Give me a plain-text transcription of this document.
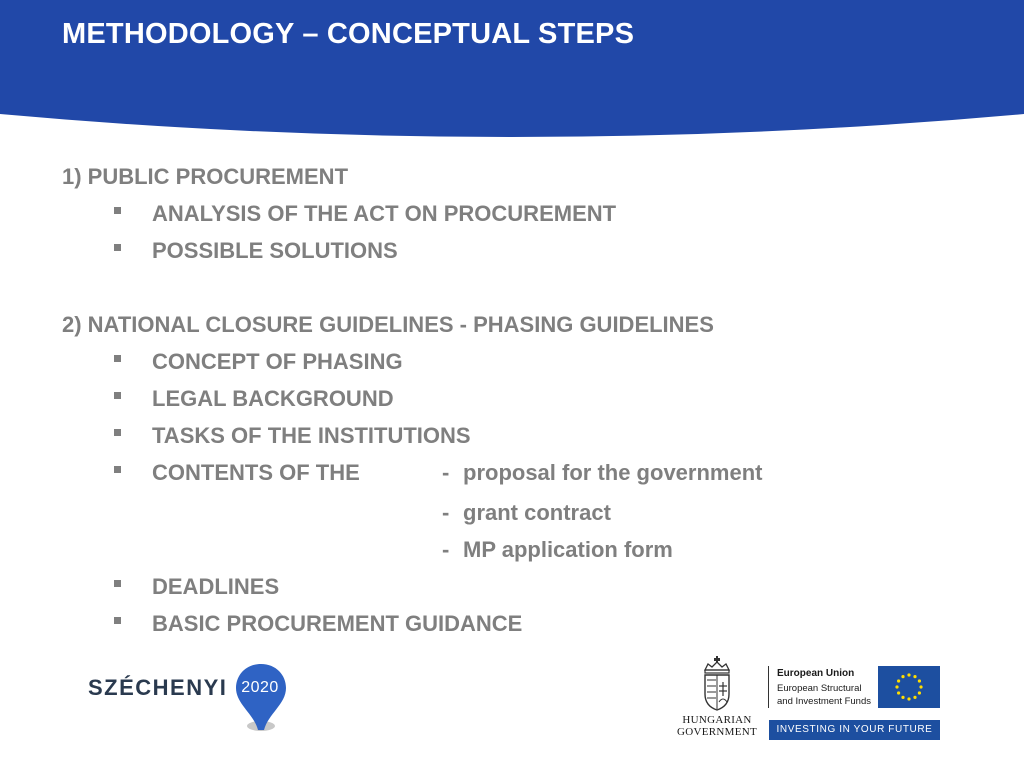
METHODOLOGY – CONCEPTUAL STEPS
1) PUBLIC PROCUREMENT
ANALYSIS OF THE ACT ON PROCUREMENT
POSSIBLE SOLUTIONS
2) NATIONAL CLOSURE GUIDELINES - PHASING GUIDELINES
CONCEPT OF PHASING
LEGAL BACKGROUND
TASKS OF THE INSTITUTIONS
CONTENTS OF THE	- proposal for the government
- grant contract
- MP application form
DEADLINES
BASIC PROCUREMENT GUIDANCE
SZÉCHENYI 2020
HUNGARIAN
GOVERNMENT
European Union
European Structural
and Investment Funds
INVESTING IN YOUR FUTURE
